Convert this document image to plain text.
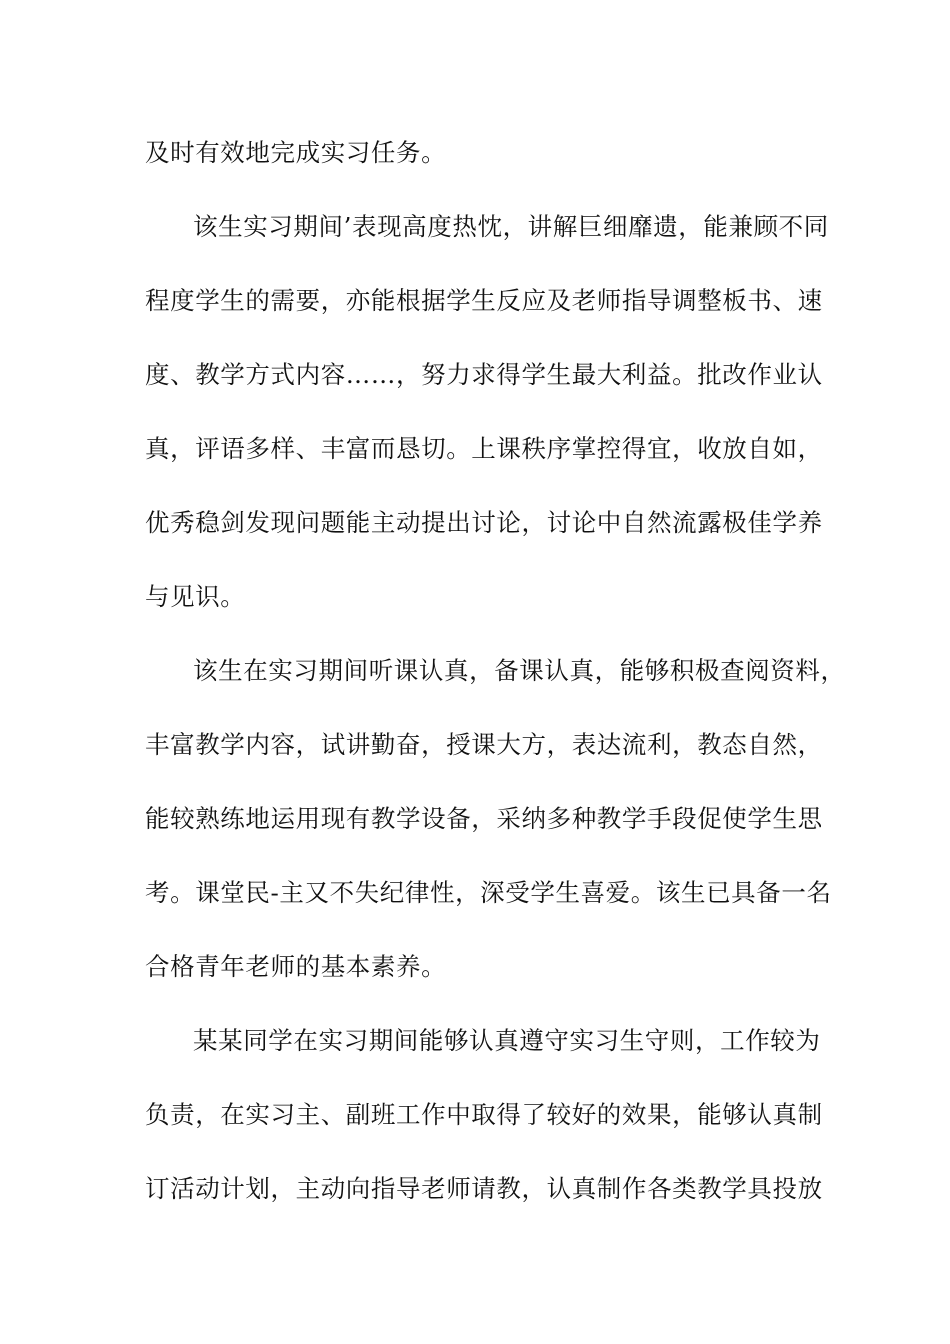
及时有效地完成实习任务。
该生实习期间’表现高度热忱，讲解巨细靡遗，能兼顾不同
程度学生的需要，亦能根据学生反应及老师指导调整板书、速
度、教学方式内容……，努力求得学生最大利益。批改作业认
真，评语多样、丰富而恳切。上课秩序掌控得宜，收放自如，
优秀稳剑发现问题能主动提出讨论，讨论中自然流露极佳学养
与见识。
该生在实习期间听课认真，备课认真，能够积极查阅资料，
丰富教学内容，试讲勤奋，授课大方，表达流利，教态自然，
能较熟练地运用现有教学设备，采纳多种教学手段促使学生思
考。课堂民-主又不失纪律性，深受学生喜爱。该生已具备一名
合格青年老师的基本素养。
某某同学在实习期间能够认真遵守实习生守则，工作较为
负责，在实习主、副班工作中取得了较好的效果，能够认真制
订活动计划，主动向指导老师请教，认真制作各类教学具投放
